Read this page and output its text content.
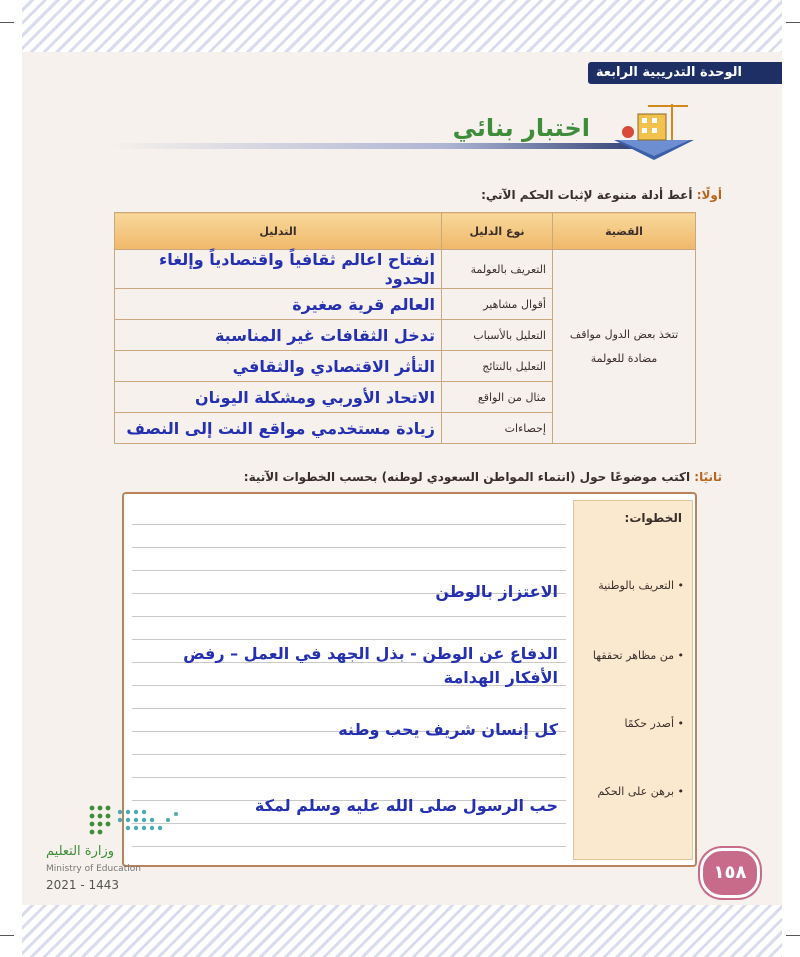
الوحدة التدريبية الرابعة
اختبار بنائي
أولًا: أعط أدلة متنوعة لإثبات الحكم الآتي:
القضية	نوع الدليل	التدليل
تتخذ بعض الدول مواقف مضادة للعولمة	التعريف بالعولمة	انفتاح اعالم ثقافياً واقتصادياً وإلغاء الحدود
	أقوال مشاهير	العالم قرية صغيرة
	التعليل بالأسباب	تدخل الثقافات غير المناسبة
	التعليل بالنتائج	التأثر الاقتصادي والثقافي
	مثال من الواقع	الاتحاد الأوربي ومشكلة اليونان
	إحصاءات	زيادة مستخدمي مواقع النت إلى النصف
ثانيًا: اكتب موضوعًا حول (انتماء المواطن السعودي لوطنه) بحسب الخطوات الآتية:
الاعتزاز بالوطن
الدفاع عن الوطن - بذل الجهد في العمل – رفض الأفكار الهدامة
كل إنسان شريف يحب وطنه
حب الرسول صلى الله عليه وسلم لمكة
الخطوات:
• التعريف بالوطنية
• من مظاهر تحققها
• أصدر حكمًا
• برهن على الحكم
وزارة التعليم
Ministry of Education
2021 - 1443
١٥٨
